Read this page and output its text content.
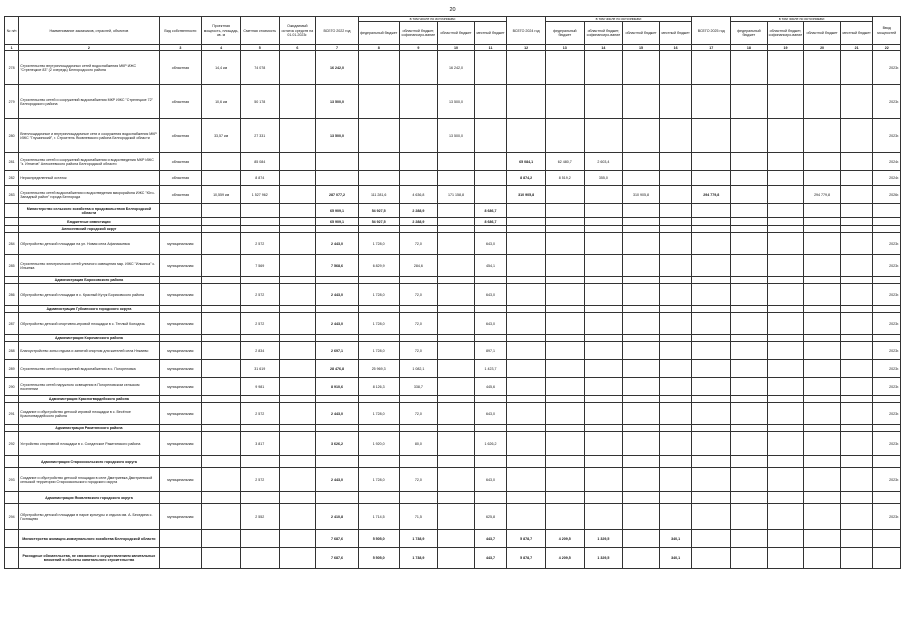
20
№ п/п	Наименование заказчиков, отраслей, объектов	Вид собственности	Проектная мощность, площадь, кв. м	Сметная стоимость	Ожидаемый остаток средств на 01.01.2023г.	ВСЕГО 2022 год	в том числе по источникам:				ВСЕГО 2024 год	в том числе по источникам:				ВСЕГО 2025 год	в том числе по источникам:				Ввод мощностей
							федеральный бюджет	областной бюджет, софинансиро-вание	областной бюджет	местный бюджет		федеральный бюджет	областной бюджет, софинансиро-вание	областной бюджет	местный бюджет		федеральный бюджет	областной бюджет, софинансиро-вание	областной бюджет	местный бюджет	
1	2	3	4	5	6	7	8	9	10	11	12	13	14	15	16	17	18	19	20	21	22
278	Строительство внутриплощадочных сетей водоснабжения МКР ИЖС "Стрелецкое 83" (2 очередь) Белгородского района	областная	14,4 км	74 078		16 242,0			16 242,0												2023г.
279	Строительство сетей и сооружений водоснабжения МКР ИЖС "Стрелецкое 72" Белгородского района	областная	10,6 км	50 178		13 500,0			13 500,0												2023г.
280	Внеплощадочные и внутриплощадочные сети и сооружения водоснабжения МКР ИЖС "Глушинский", г. Строитель Яковлевского района Белгородской области	областная	33,57 км	27 331		13 500,0			13 500,0												2023г.
281	Строительство сетей и сооружений водоснабжения и водоотведения МКР ИЖС "з. Игнатов" Алексеевского района Белгородской области	областная		85 084							65 084,1	62 480,7	2 603,4								2024г.
282	Нераспределенный остаток	областная		8 874							8 874,2	8 519,2	355,0								2024г.
283	Строительство сетей водоснабжения и водоотведения микрорайона ИЖС "Юго-Западный район" города Белгорода	областная	10,559 км	1 527 962		287 077,2	111 281,6	4 636,8	171 158,8		310 905,8			310 905,8		294 779,8			294 779,8		2026г.
	Министерство сельского хозяйства и продовольствия Белгородской области					65 909,1	54 927,5	2 288,9		8 686,7											
	Бюджетные инвестиции					65 909,1	54 927,5	2 288,9		8 686,7											
	Алексеевский городской округ																				
284	Обустройство детской площадки на ул. Новая села Афанасьевка	муниципальная		2 572		2 443,0	1 728,0	72,0		643,0											2023г.
285	Строительство электрических сетей уличного освещения мкр. ИЖС "Ильинка" с. Ильинка	муниципальная		7 569		7 568,6	6 829,9	284,6		454,1											2023г.
	Администрация Борисовского района																				
286	Обустройство детской площадки в с. Красный Кутук Борисовского района	муниципальная		2 572		2 443,0	1 728,0	72,0		643,0											2023г.
	Администрация Губкинского городского округа																				
287	Обустройство детской спортивно-игровой площадки в с. Теплый Колодезь	муниципальная		2 572		2 443,0	1 728,0	72,0		643,0											2023г.
	Администрация Корочанского района																				
288	Благоустройство зоны отдыха и занятий спортом для жителей села Ннкаево	муниципальная		2 834		2 697,1	1 728,0	72,0		897,1											2023г.
289	Строительство сетей и сооружений водоснабжения в с. Погореловка	муниципальная		31 619		28 476,8	25 969,3	1 082,1		1 423,7											2023г.
290	Строительство сетей наружного освещения в Погореловском сельском поселении	муниципальная		9 981		8 910,6	8 126,3	338,7		445,6											2023г.
	Администрация Красногвардейского района																				
291	Создание и обустройство детской игровой площадки в с. Весёлое Красногвардейского района	муниципальная		2 572		2 443,0	1 728,0	72,0		643,0											2023г.
	Администрация Ракитянского района																				
292	Устройство спортивной площадки в с. Солдатское Ракитянского района	муниципальная		3 817		3 626,2	1 920,0	80,0		1 626,2											2023г.
	Администрация Старооскольского городского округа																				
293	Создание и обустройство детской площадки в селе Дмитриевка Дмитриевской сельской территории Старооскольского городского округа	муниципальная		2 572		2 443,0	1 728,0	72,0		643,0											2023г.
	Администрация Яковлевского городского округа																				
294	Обустройство детской площадки в парке культуры и отдыха им. А. Бесединa с. Гостищево	муниципальная		2 552		2 410,8	1 714,5	71,5		625,8											2023г.
	Министерство жилищно-коммунального хозяйства Белгородской области					7 687,6	5 505,0	1 738,9		443,7	5 878,7	4 209,5	1 329,5		340,1						
	Расходные обязательства, не связанные с осуществлением капитальных вложений в объекты капитального строительства					7 687,6	5 505,0	1 738,9		443,7	5 878,7	4 209,5	1 329,5		340,1						
